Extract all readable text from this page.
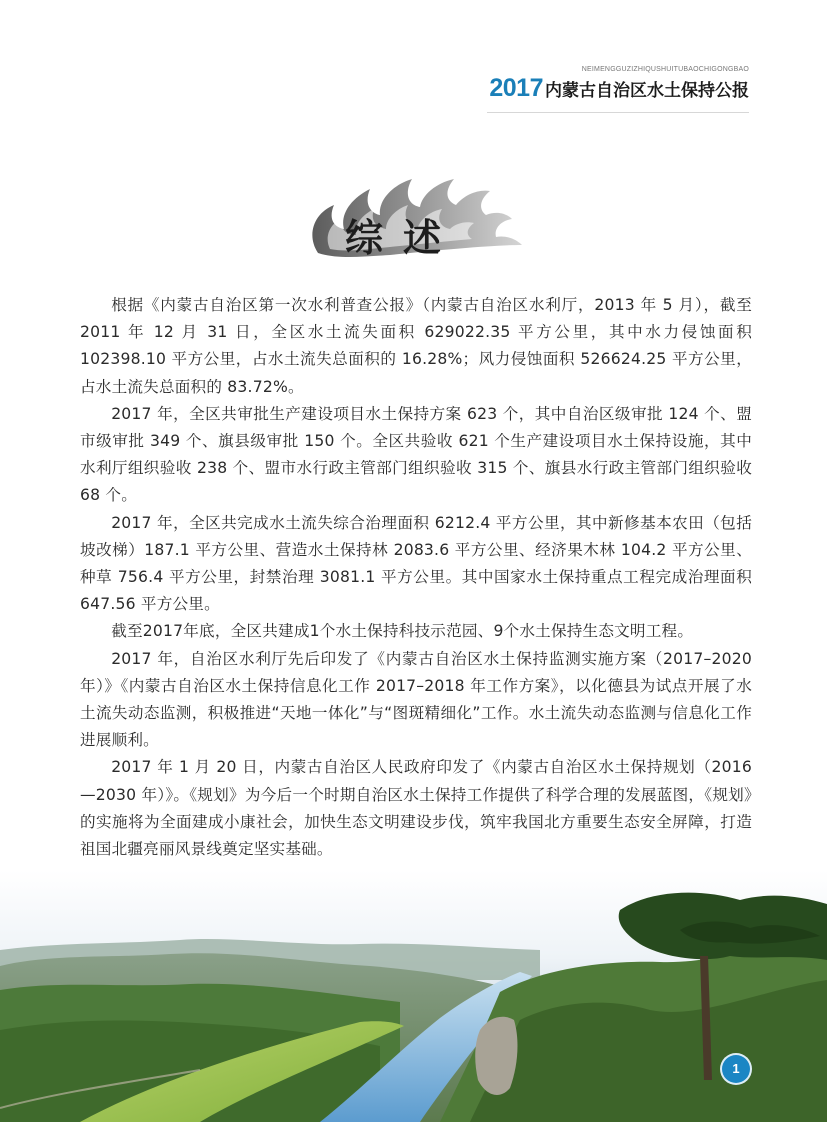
NEIMENGGUZIZHIQUSHUITUBAOCHIGONGBAO
2017 内蒙古自治区水土保持公报
综述

根据《内蒙古自治区第一次水利普查公报》（内蒙古自治区水利厅，2013 年 5 月），截至 2011 年 12 月 31 日，全区水土流失面积 629022.35 平方公里，其中水力侵蚀面积 102398.10 平方公里，占水土流失总面积的 16.28%；风力侵蚀面积 526624.25 平方公里，占水土流失总面积的 83.72%。

2017 年，全区共审批生产建设项目水土保持方案 623 个，其中自治区级审批 124 个、盟市级审批 349 个、旗县级审批 150 个。全区共验收 621 个生产建设项目水土保持设施，其中水利厅组织验收 238 个、盟市水行政主管部门组织验收 315 个、旗县水行政主管部门组织验收 68 个。

2017 年，全区共完成水土流失综合治理面积 6212.4 平方公里，其中新修基本农田（包括坡改梯）187.1 平方公里、营造水土保持林 2083.6 平方公里、经济果木林 104.2 平方公里、种草 756.4 平方公里，封禁治理 3081.1 平方公里。其中国家水土保持重点工程完成治理面积 647.56 平方公里。

截至2017年底，全区共建成1个水土保持科技示范园、9个水土保持生态文明工程。

2017 年，自治区水利厅先后印发了《内蒙古自治区水土保持监测实施方案（2017–2020 年）》《内蒙古自治区水土保持信息化工作 2017–2018 年工作方案》，以化德县为试点开展了水土流失动态监测，积极推进“天地一体化”与“图斑精细化”工作。水土流失动态监测与信息化工作进展顺利。

2017 年 1 月 20 日，内蒙古自治区人民政府印发了《内蒙古自治区水土保持规划（2016—2030 年）》。《规划》为今后一个时期自治区水土保持工作提供了科学合理的发展蓝图，《规划》的实施将为全面建成小康社会，加快生态文明建设步伐，筑牢我国北方重要生态安全屏障，打造祖国北疆亮丽风景线奠定坚实基础。

1
